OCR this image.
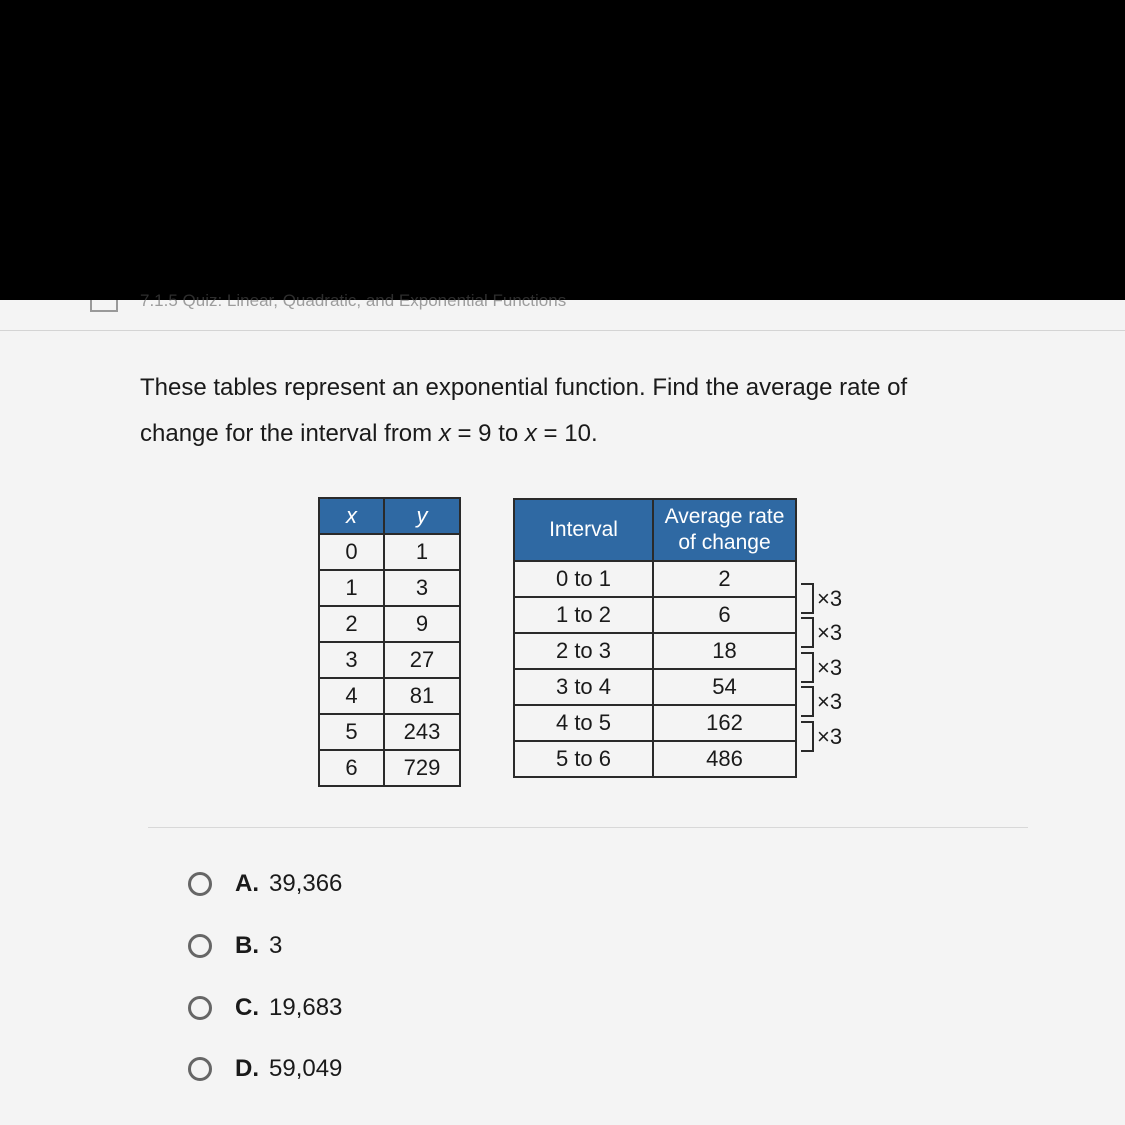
7.1.5 Quiz: Linear, Quadratic, and Exponential Functions
These tables represent an exponential function. Find the average rate of
change for the interval from x = 9 to x = 10.
x	y
0	1
1	3
2	9
3	27
4	81
5	243
6	729
Interval	Average rate of change
0 to 1	2
1 to 2	6
2 to 3	18
3 to 4	54
4 to 5	162
5 to 6	486
×3
×3
×3
×3
×3
A. 39,366
B. 3
C. 19,683
D. 59,049
